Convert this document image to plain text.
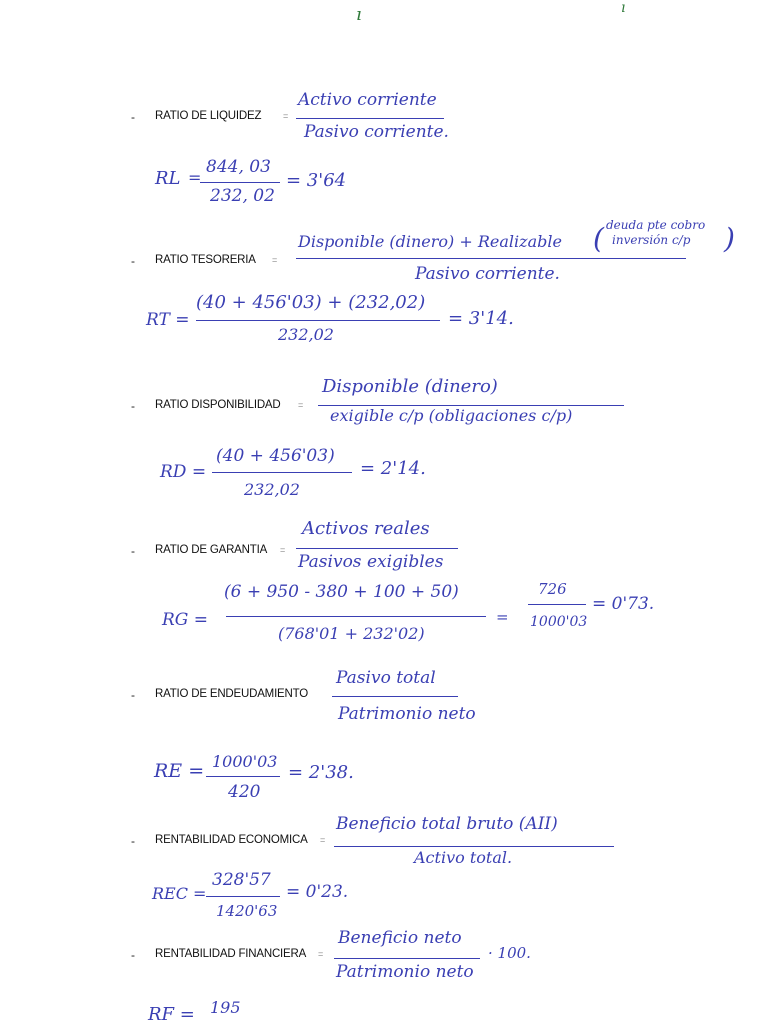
ı	ı
- RATIO DE LIQUIDEZ =
Activo corriente
Pasivo corriente.
RL =
844, 03
232, 02
= 3'64
- RATIO TESORERIA =
Disponible (dinero) + Realizable ( deuda pte cobro
inversión c/p )
Pasivo corriente.
RT =
(40 + 456'03) + (232,02)
232,02
= 3'14.
- RATIO DISPONIBILIDAD =
Disponible (dinero)
exigible c/p (obligaciones c/p)
RD =
(40 + 456'03)
232,02
= 2'14.
- RATIO DE GARANTIA =
Activos reales
Pasivos exigibles
RG =
(6 + 950 - 380 + 100 + 50)
(768'01 + 232'02)
=
726
1000'03
= 0'73.
- RATIO DE ENDEUDAMIENTO
Pasivo total
Patrimonio neto
RE = 1000'03
420
= 2'38.
- RENTABILIDAD ECONOMICA =
Beneficio total bruto (AII)
Activo total.
REC =
328'57
1420'63
= 0'23.
- RENTABILIDAD FINANCIERA =
Beneficio neto
Patrimonio neto
· 100.
RF = 195
